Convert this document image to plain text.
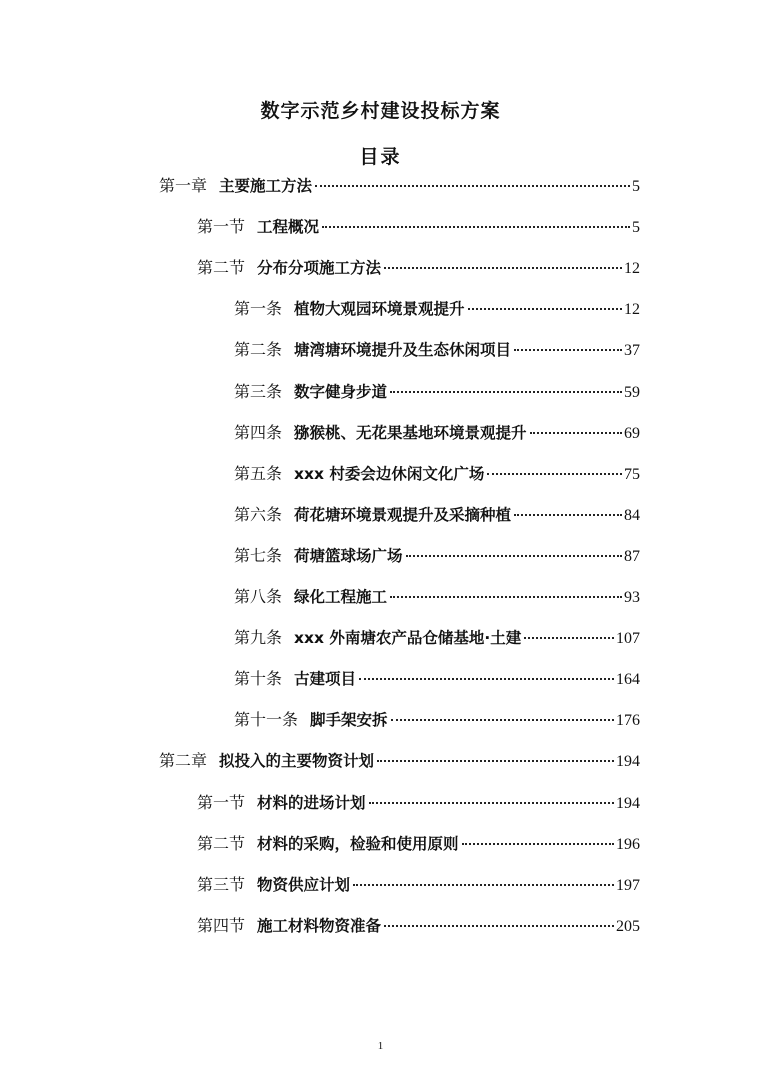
数字示范乡村建设投标方案
目录
第一章 主要施工方法	5
第一节 工程概况	5
第二节 分布分项施工方法	12
第一条 植物大观园环境景观提升	12
第二条 塘湾塘环境提升及生态休闲项目	37
第三条 数字健身步道	59
第四条 猕猴桃、无花果基地环境景观提升	69
第五条 xxx 村委会边休闲文化广场	75
第六条 荷花塘环境景观提升及采摘种植	84
第七条 荷塘篮球场广场	87
第八条 绿化工程施工	93
第九条 xxx 外南塘农产品仓储基地·土建	107
第十条 古建项目	164
第十一条 脚手架安拆	176
第二章 拟投入的主要物资计划	194
第一节 材料的进场计划	194
第二节 材料的采购，检验和使用原则	196
第三节 物资供应计划	197
第四节 施工材料物资准备	205
1
